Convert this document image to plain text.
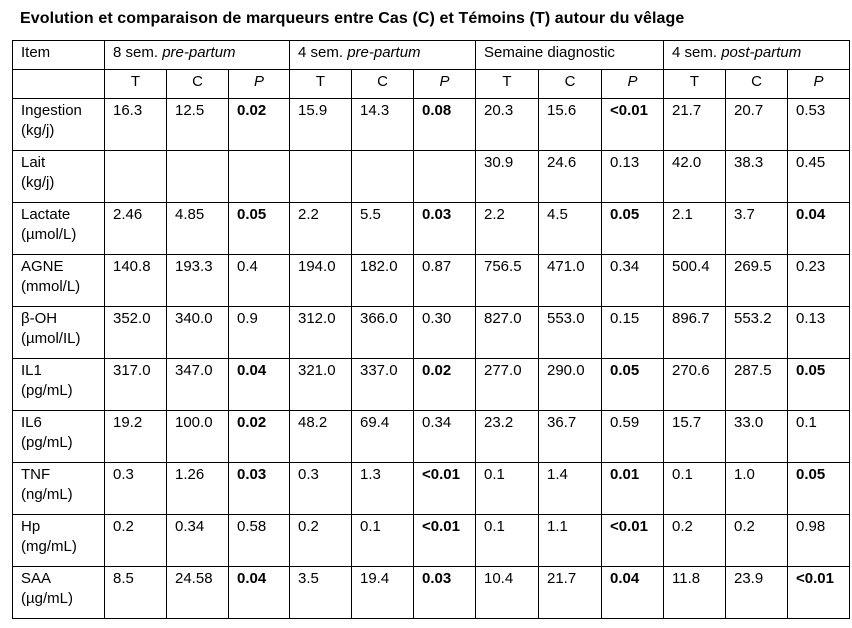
Evolution et comparaison de marqueurs entre Cas (C) et Témoins (T) autour du vêlage
Item	8 sem. pre-partum			4 sem. pre-partum			Semaine diagnostic			4 sem. post-partum		
	T	C	P	T	C	P	T	C	P	T	C	P
Ingestion
(kg/j)	16.3	12.5	0.02	15.9	14.3	0.08	20.3	15.6	<0.01	21.7	20.7	0.53
Lait
(kg/j)							30.9	24.6	0.13	42.0	38.3	0.45
Lactate
(µmol/L)	2.46	4.85	0.05	2.2	5.5	0.03	2.2	4.5	0.05	2.1	3.7	0.04
AGNE
(mmol/L)	140.8	193.3	0.4	194.0	182.0	0.87	756.5	471.0	0.34	500.4	269.5	0.23
β-OH
(µmol/IL)	352.0	340.0	0.9	312.0	366.0	0.30	827.0	553.0	0.15	896.7	553.2	0.13
IL1
(pg/mL)	317.0	347.0	0.04	321.0	337.0	0.02	277.0	290.0	0.05	270.6	287.5	0.05
IL6
(pg/mL)	19.2	100.0	0.02	48.2	69.4	0.34	23.2	36.7	0.59	15.7	33.0	0.1
TNF
(ng/mL)	0.3	1.26	0.03	0.3	1.3	<0.01	0.1	1.4	0.01	0.1	1.0	0.05
Hp
(mg/mL)	0.2	0.34	0.58	0.2	0.1	<0.01	0.1	1.1	<0.01	0.2	0.2	0.98
SAA
(µg/mL)	8.5	24.58	0.04	3.5	19.4	0.03	10.4	21.7	0.04	11.8	23.9	<0.01
